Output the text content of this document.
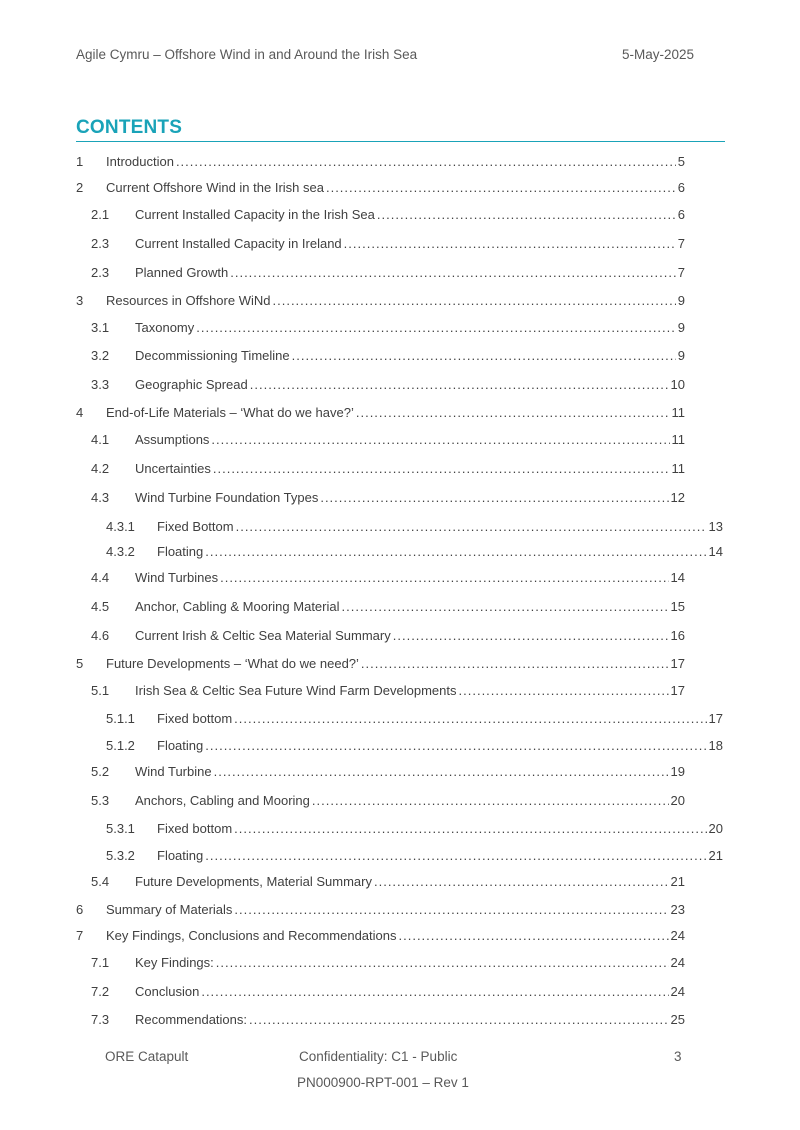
Agile Cymru – Offshore Wind in and Around the Irish Sea	5-May-2025
CONTENTS
1	Introduction .....	5
2	Current Offshore Wind in the Irish sea .....	6
2.1	Current Installed Capacity in the Irish Sea .....	6
2.3	Current Installed Capacity in Ireland .....	7
2.3	Planned Growth .....	7
3	Resources in Offshore WiNd .....	9
3.1	Taxonomy .....	9
3.2	Decommissioning Timeline .....	9
3.3	Geographic Spread .....	10
4	End-of-Life Materials – ‘What do we have?’ .....	11
4.1	Assumptions .....	11
4.2	Uncertainties .....	11
4.3	Wind Turbine Foundation Types .....	12
4.3.1	Fixed Bottom .....	13
4.3.2	Floating .....	14
4.4	Wind Turbines .....	14
4.5	Anchor, Cabling & Mooring Material .....	15
4.6	Current Irish & Celtic Sea Material Summary .....	16
5	Future Developments – ‘What do we need?’ .....	17
5.1	Irish Sea & Celtic Sea Future Wind Farm Developments .....	17
5.1.1	Fixed bottom .....	17
5.1.2	Floating .....	18
5.2	Wind Turbine .....	19
5.3	Anchors, Cabling and Mooring .....	20
5.3.1	Fixed bottom .....	20
5.3.2	Floating .....	21
5.4	Future Developments, Material Summary .....	21
6	Summary of Materials .....	23
7	Key Findings, Conclusions and Recommendations .....	24
7.1	Key Findings: .....	24
7.2	Conclusion .....	24
7.3	Recommendations: .....	25
ORE Catapult	Confidentiality: C1 - Public	3
PN000900-RPT-001 – Rev 1
